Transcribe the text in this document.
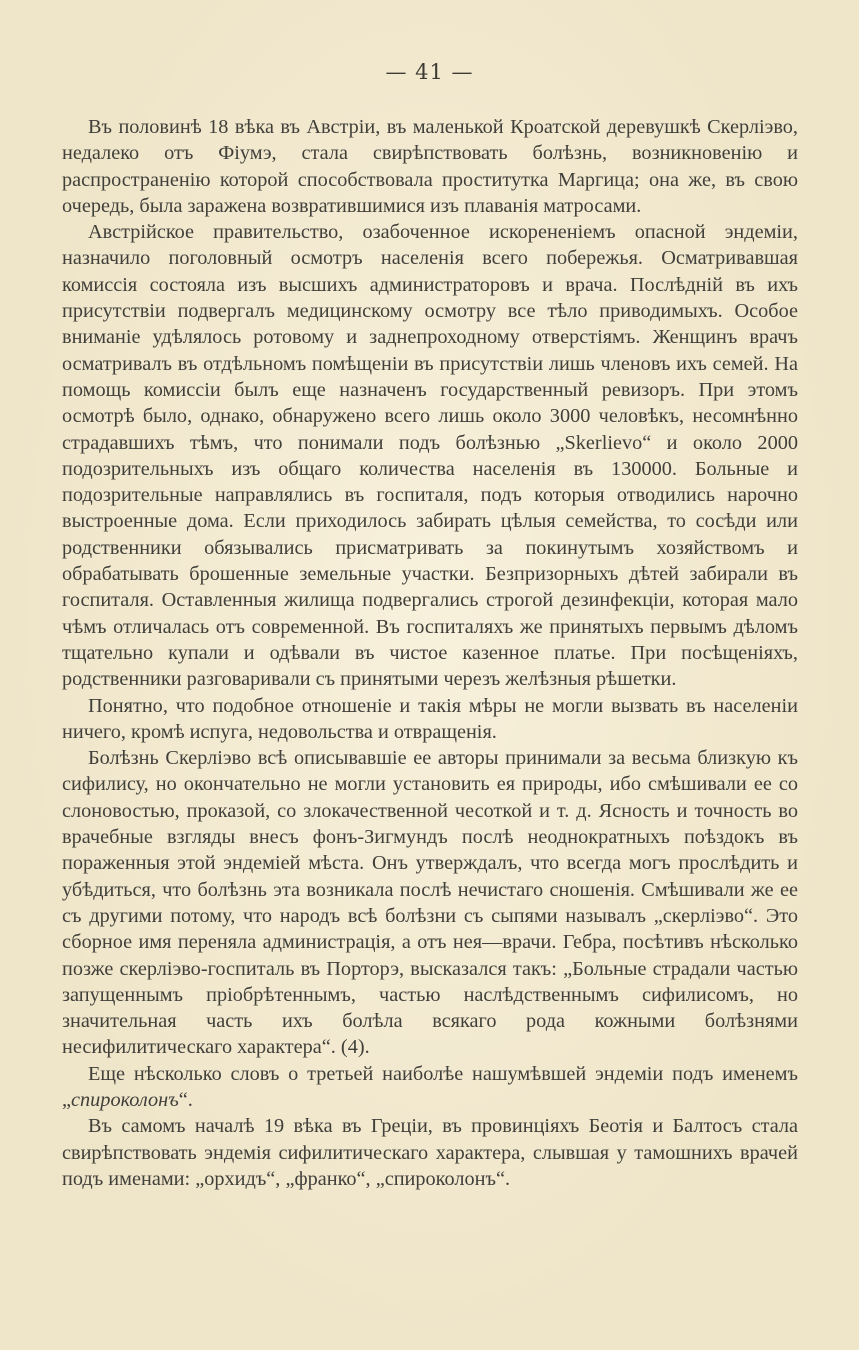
— 41 —

Въ половинѣ 18 вѣка въ Австріи, въ маленькой Кроатской деревушкѣ Скерліэво, недалеко отъ Фіумэ, стала свирѣпствовать болѣзнь, возникновенію и распространенію которой способствовала проститутка Маргица; она же, въ свою очередь, была заражена возвратившимися изъ плаванія матросами.

Австрійское правительство, озабоченное искорененіемъ опасной эндеміи, назначило поголовный осмотръ населенія всего побережья. Осматривавшая комиссія состояла изъ высшихъ администраторовъ и врача. Послѣдній въ ихъ присутствіи подвергалъ медицинскому осмотру все тѣло приводимыхъ. Особое вниманіе удѣлялось ротовому и заднепроходному отверстіямъ. Женщинъ врачъ осматривалъ въ отдѣльномъ помѣщеніи въ присутствіи лишь членовъ ихъ семей. На помощь комиссіи былъ еще назначенъ государственный ревизоръ. При этомъ осмотрѣ было, однако, обнаружено всего лишь около 3000 человѣкъ, несомнѣнно страдавшихъ тѣмъ, что понимали подъ болѣзнью „Skerlievo“ и около 2000 подозрительныхъ изъ общаго количества населенія въ 130000. Больные и подозрительные направлялись въ госпиталя, подъ которыя отводились нарочно выстроенные дома. Если приходилось забирать цѣлыя семейства, то сосѣди или родственники обязывались присматривать за покинутымъ хозяйствомъ и обрабатывать брошенные земельные участки. Безпризорныхъ дѣтей забирали въ госпиталя. Оставленныя жилища подвергались строгой дезинфекціи, которая мало чѣмъ отличалась отъ современной. Въ госпиталяхъ же принятыхъ первымъ дѣломъ тщательно купали и одѣвали въ чистое казенное платье. При посѣщеніяхъ, родственники разговаривали съ принятыми черезъ желѣзныя рѣшетки.

Понятно, что подобное отношеніе и такія мѣры не могли вызвать въ населеніи ничего, кромѣ испуга, недовольства и отвращенія.

Болѣзнь Скерліэво всѣ описывавшіе ее авторы принимали за весьма близкую къ сифилису, но окончательно не могли установить ея природы, ибо смѣшивали ее со слоновостью, проказой, со злокачественной чесоткой и т. д. Ясность и точность во врачебные взгляды внесъ фонъ-Зигмундъ послѣ неоднократныхъ поѣздокъ въ пораженныя этой эндеміей мѣста. Онъ утверждалъ, что всегда могъ прослѣдить и убѣдиться, что болѣзнь эта возникала послѣ нечистаго сношенія. Смѣшивали же ее съ другими потому, что народъ всѣ болѣзни съ сыпями называлъ „скерліэво“. Это сборное имя переняла администрація, а отъ нея—врачи. Гебра, посѣтивъ нѣсколько позже скерліэво-госпиталь въ Порторэ, высказался такъ: „Больные страдали частью запущеннымъ пріобрѣтеннымъ, частью наслѣдственнымъ сифилисомъ, но значительная часть ихъ болѣла всякаго рода кожными болѣзнями несифилитическаго характера“. (4).

Еще нѣсколько словъ о третьей наиболѣе нашумѣвшей эндеміи подъ именемъ „спироколонъ“.

Въ самомъ началѣ 19 вѣка въ Греціи, въ провинціяхъ Беотія и Балтосъ стала свирѣпствовать эндемія сифилитическаго характера, слывшая у тамошнихъ врачей подъ именами: „орхидъ“, „франко“, „спироколонъ“.
